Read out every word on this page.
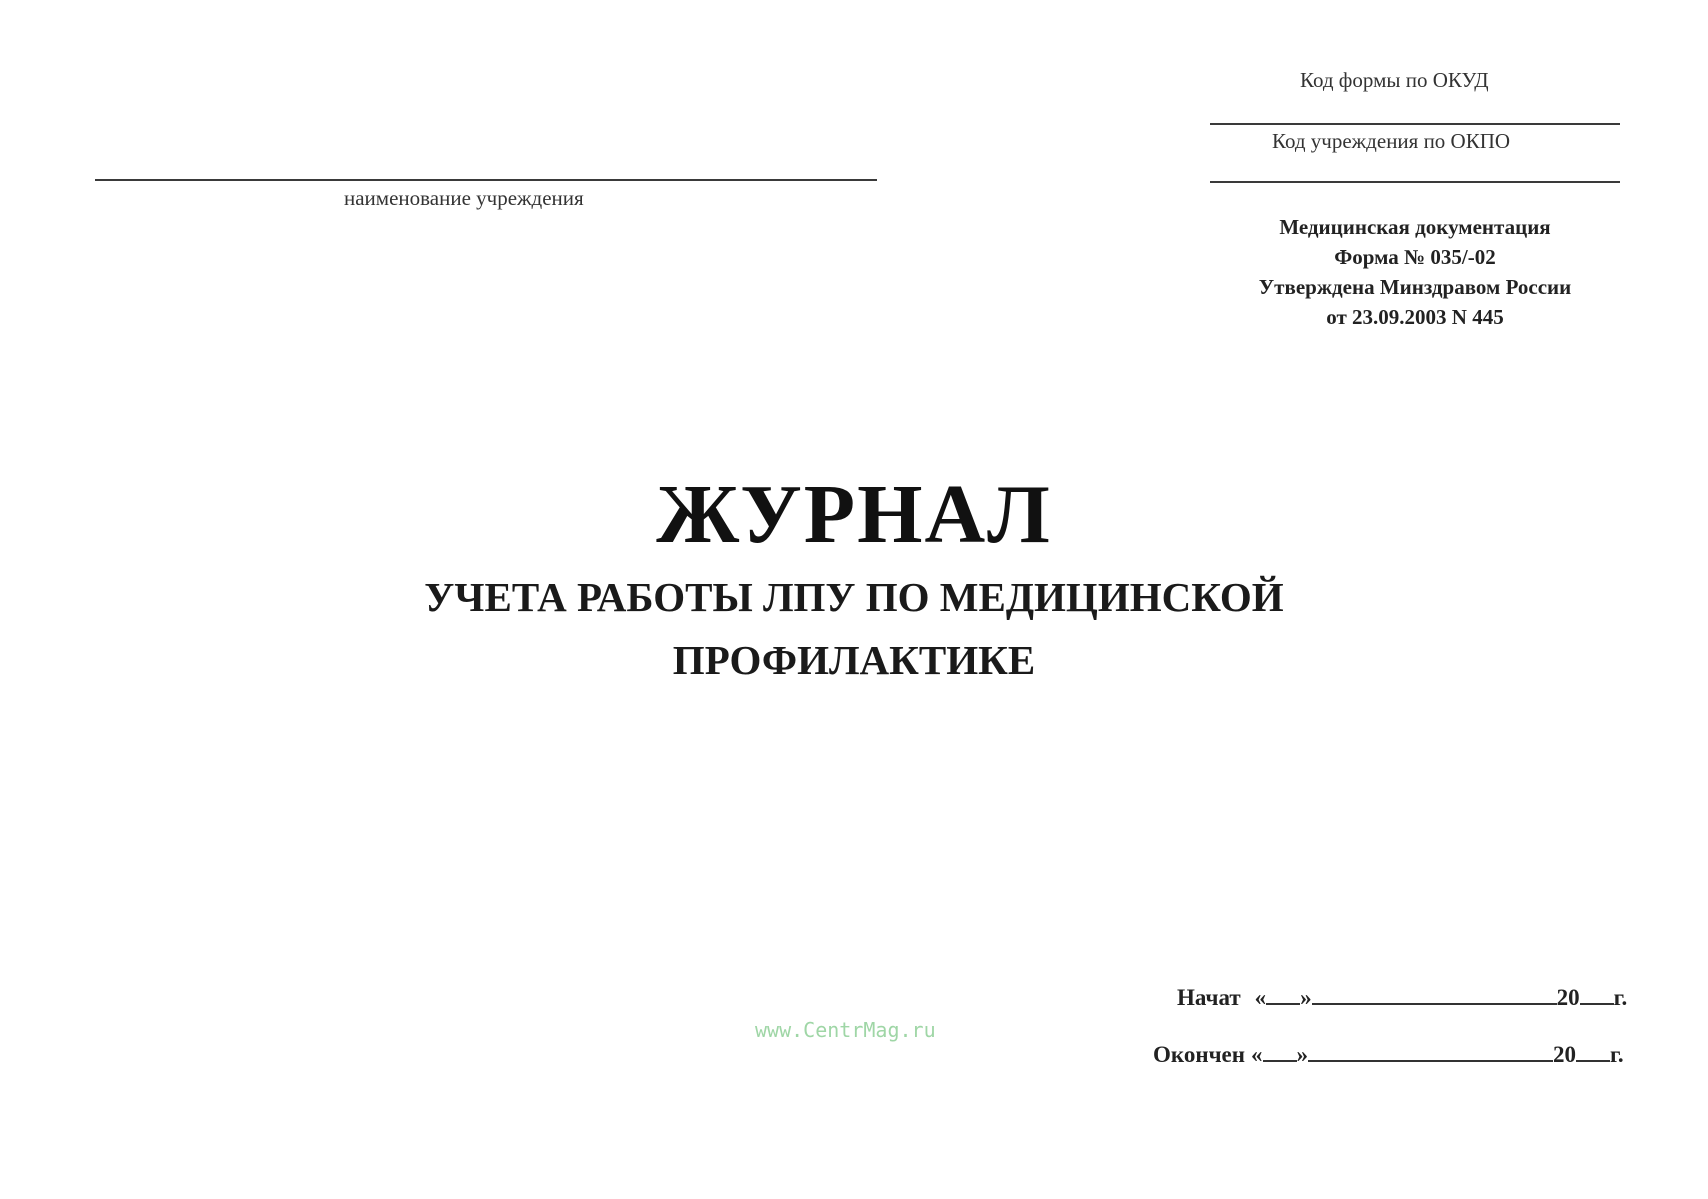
Код формы по ОКУД
Код учреждения по ОКПО
наименование учреждения
Медицинская документация
Форма № 035/-02
Утверждена Минздравом России
от 23.09.2003 N 445
ЖУРНАЛ
УЧЕТА РАБОТЫ ЛПУ ПО МЕДИЦИНСКОЙ
ПРОФИЛАКТИКЕ
www.CentrMag.ru
Начат « »	20 г.
Окончен « »	20 г.
